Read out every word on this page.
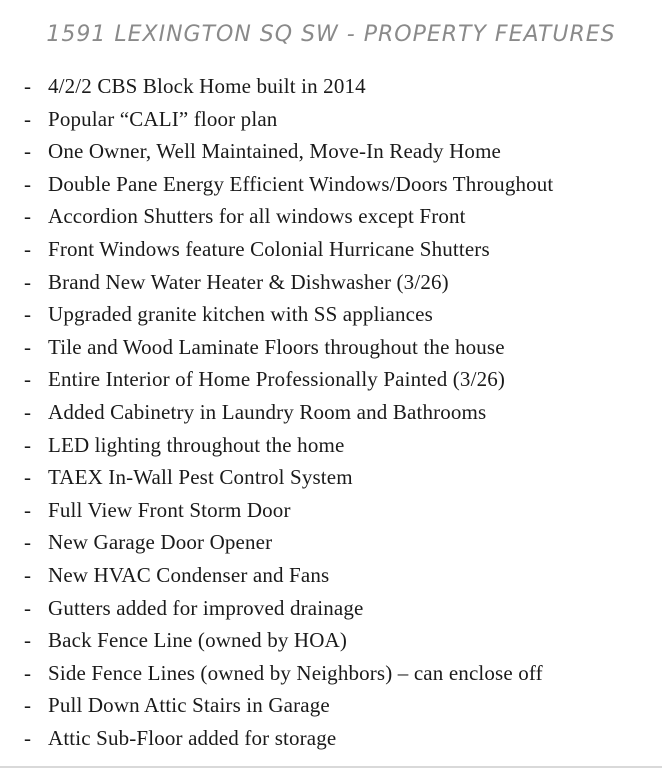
1591 LEXINGTON SQ SW - PROPERTY FEATURES
- 4/2/2 CBS Block Home built in 2014
- Popular “CALI” floor plan
- One Owner, Well Maintained, Move-In Ready Home
- Double Pane Energy Efficient Windows/Doors Throughout
- Accordion Shutters for all windows except Front
- Front Windows feature Colonial Hurricane Shutters
- Brand New Water Heater & Dishwasher (3/26)
- Upgraded granite kitchen with SS appliances
- Tile and Wood Laminate Floors throughout the house
- Entire Interior of Home Professionally Painted (3/26)
- Added Cabinetry in Laundry Room and Bathrooms
- LED lighting throughout the home
- TAEX In-Wall Pest Control System
- Full View Front Storm Door
- New Garage Door Opener
- New HVAC Condenser and Fans
- Gutters added for improved drainage
- Back Fence Line (owned by HOA)
- Side Fence Lines (owned by Neighbors) – can enclose off
- Pull Down Attic Stairs in Garage
- Attic Sub-Floor added for storage
